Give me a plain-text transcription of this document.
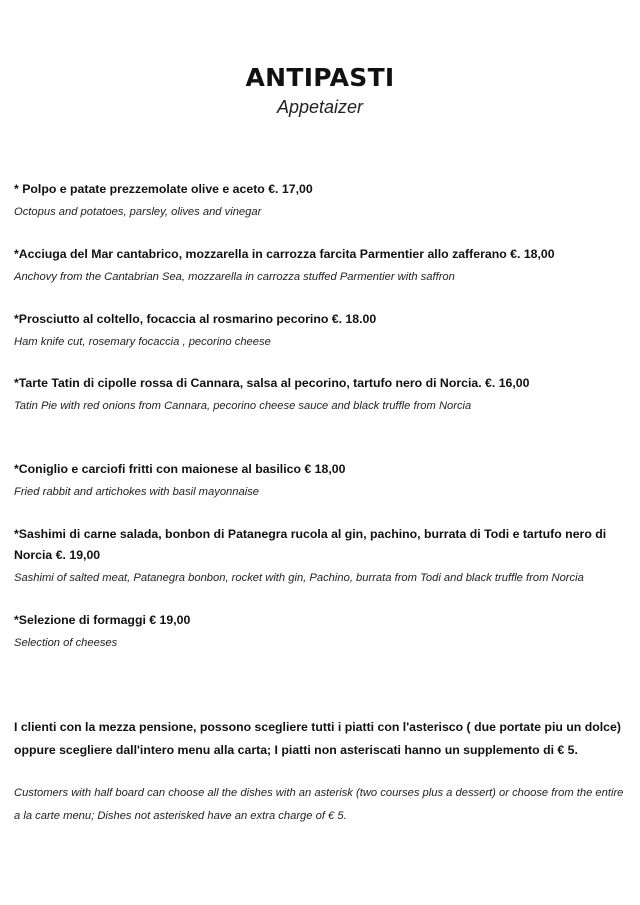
ANTIPASTI
Appetaizer
* Polpo e patate prezzemolate olive e aceto €. 17,00
Octopus and potatoes, parsley, olives and vinegar
*Acciuga del Mar cantabrico, mozzarella in carrozza farcita Parmentier allo zafferano €. 18,00
Anchovy from the Cantabrian Sea, mozzarella in carrozza stuffed Parmentier with saffron
*Prosciutto al coltello, focaccia al rosmarino pecorino €. 18.00
Ham knife cut, rosemary focaccia , pecorino cheese
*Tarte Tatin di cipolle rossa di Cannara, salsa al pecorino, tartufo nero di Norcia. €. 16,00
Tatin Pie with red onions from Cannara, pecorino cheese sauce and black truffle from Norcia
*Coniglio e carciofi fritti con maionese al basilico € 18,00
Fried rabbit and artichokes with basil mayonnaise
*Sashimi di carne salada, bonbon di Patanegra rucola al gin, pachino, burrata di Todi e tartufo nero di Norcia €. 19,00
Sashimi of salted meat, Patanegra bonbon, rocket with gin, Pachino, burrata from Todi and black truffle from Norcia
*Selezione di formaggi € 19,00
Selection of cheeses
I clienti con la mezza pensione, possono scegliere tutti i piatti con l'asterisco ( due portate piu un dolce) oppure scegliere dall'intero menu alla carta; I piatti non asteriscati hanno un supplemento di € 5.
Customers with half board can choose all the dishes with an asterisk (two courses plus a dessert) or choose from the entire a la carte menu; Dishes not asterisked have an extra charge of € 5.
